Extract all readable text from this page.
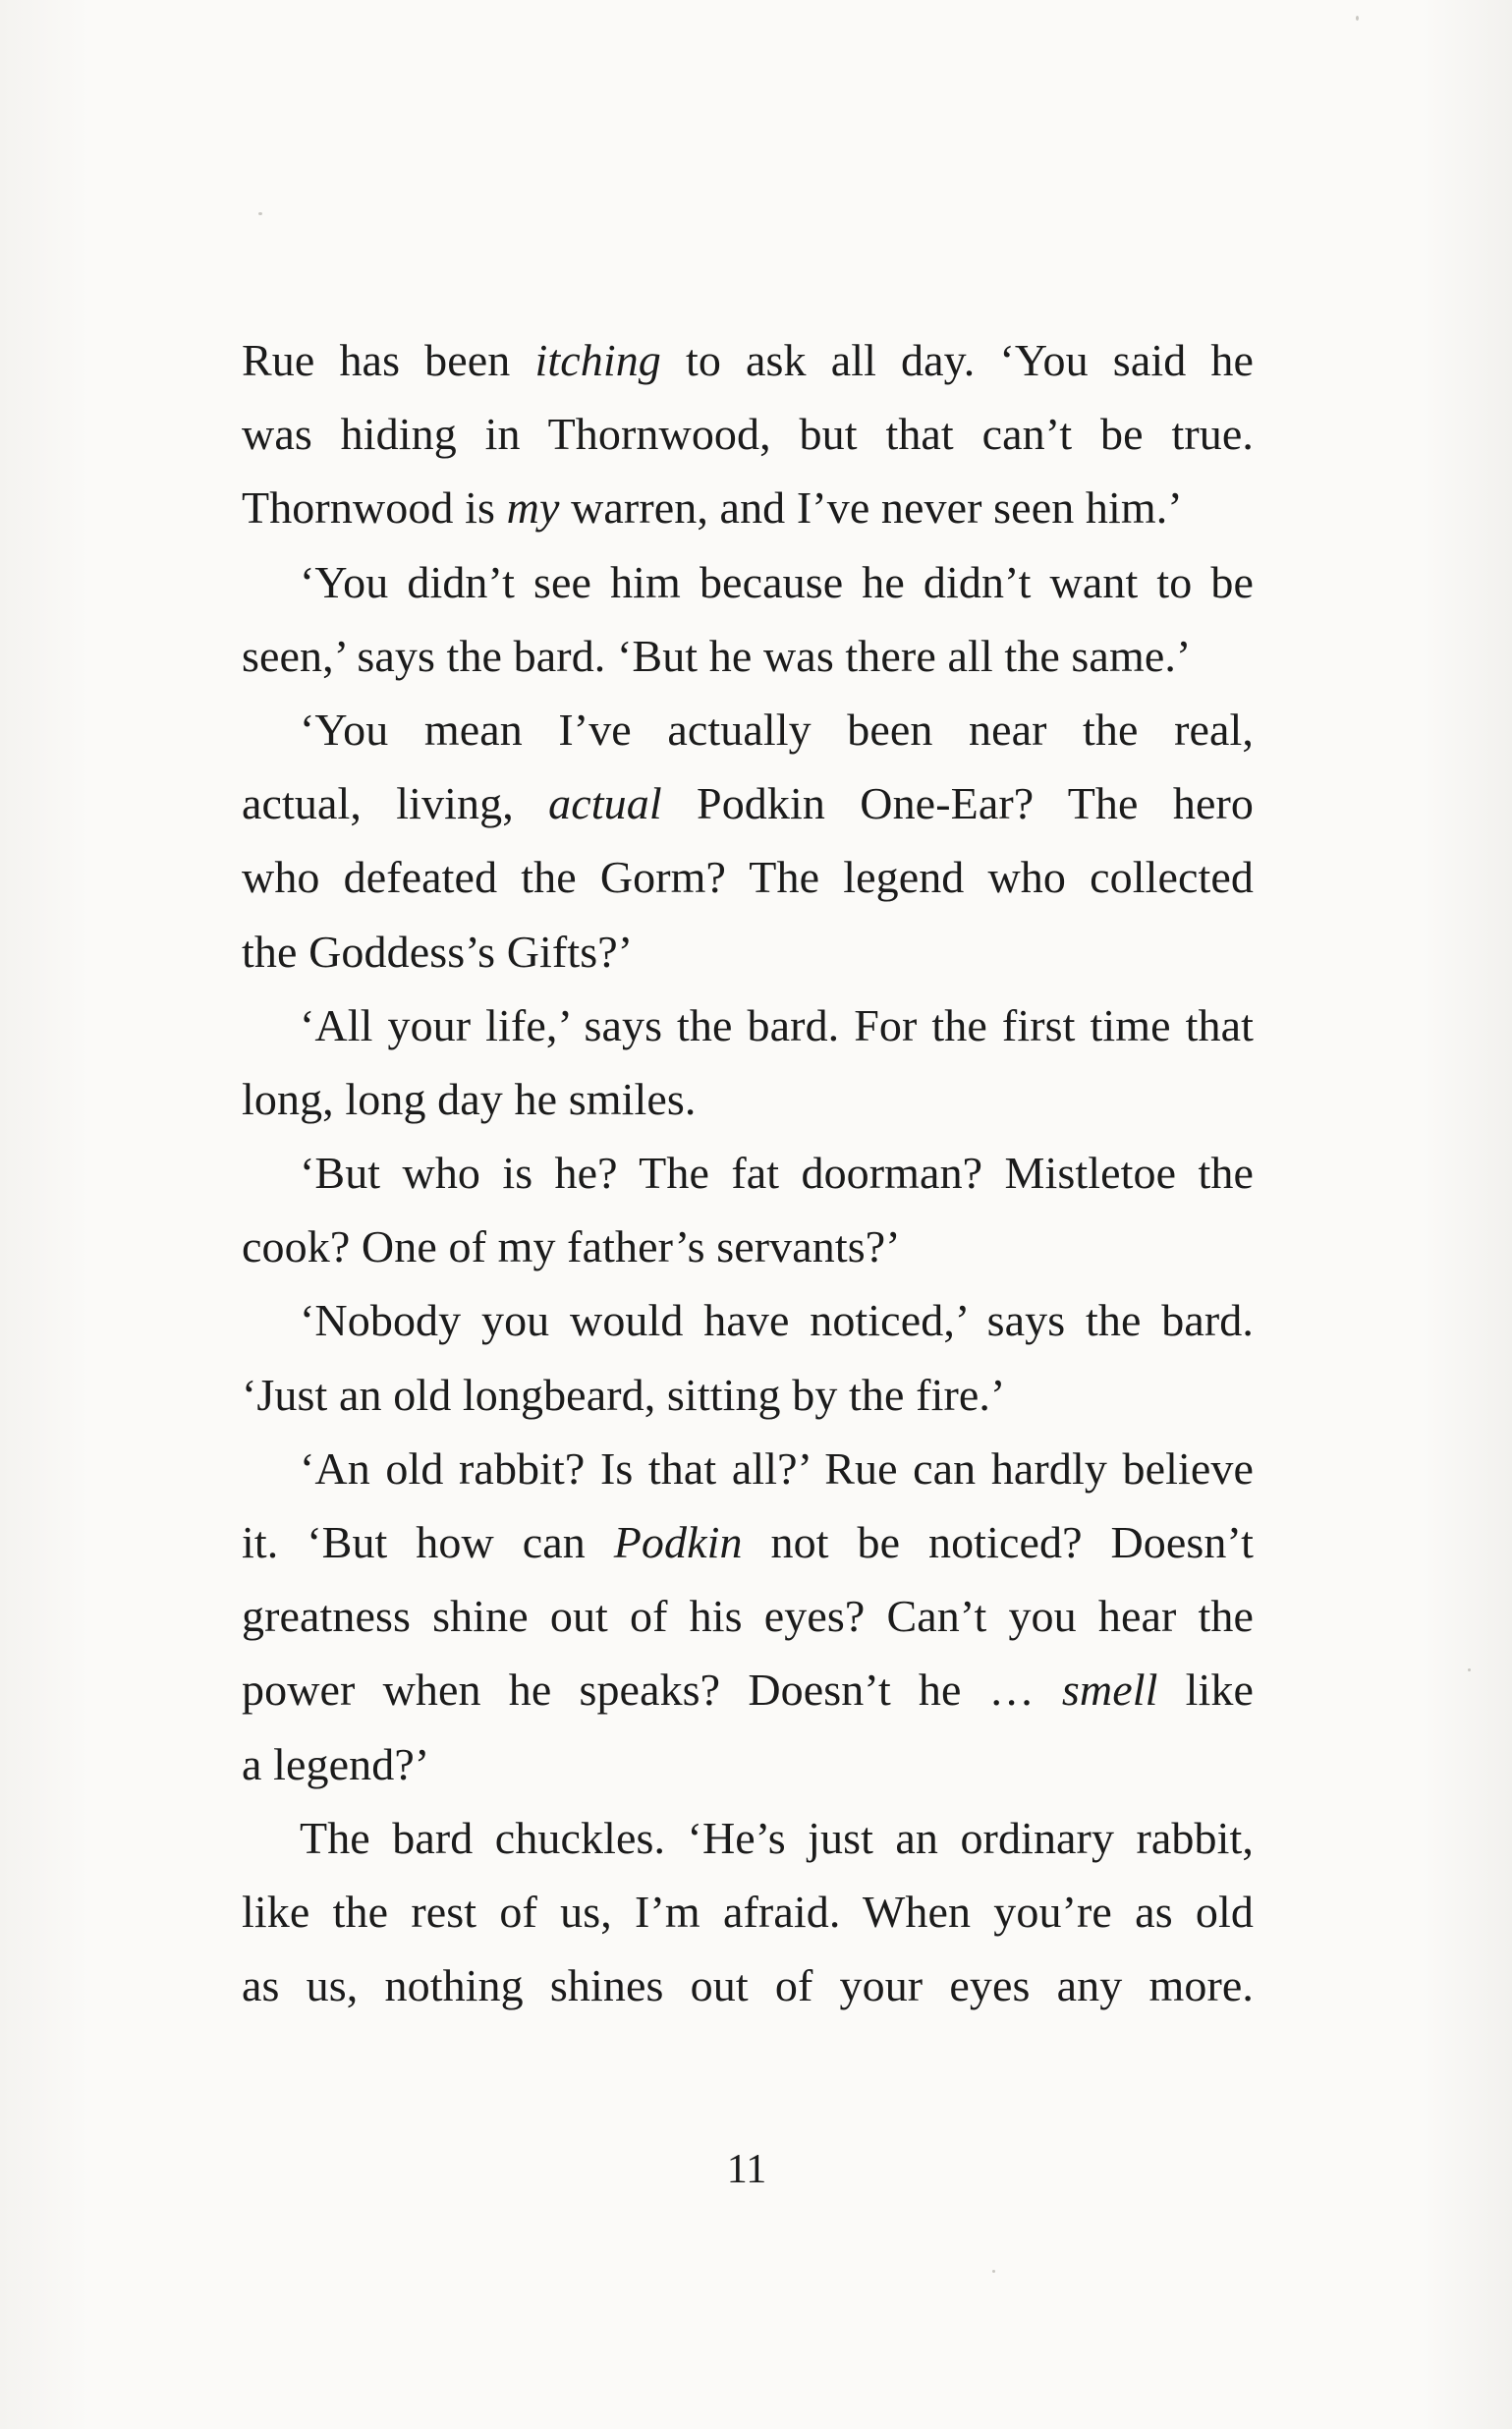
Rue has been itching to ask all day. ‘You said he
was hiding in Thornwood, but that can’t be true.
Thornwood is my warren, and I’ve never seen him.’
‘You didn’t see him because he didn’t want to be
seen,’ says the bard. ‘But he was there all the same.’
‘You mean I’ve actually been near the real,
actual, living, actual Podkin One-Ear? The hero
who defeated the Gorm? The legend who collected
the Goddess’s Gifts?’
‘All your life,’ says the bard. For the first time that
long, long day he smiles.
‘But who is he? The fat doorman? Mistletoe the
cook? One of my father’s servants?’
‘Nobody you would have noticed,’ says the bard.
‘Just an old longbeard, sitting by the fire.’
‘An old rabbit? Is that all?’ Rue can hardly believe
it. ‘But how can Podkin not be noticed? Doesn’t
greatness shine out of his eyes? Can’t you hear the
power when he speaks? Doesn’t he … smell like
a legend?’
The bard chuckles. ‘He’s just an ordinary rabbit,
like the rest of us, I’m afraid. When you’re as old
as us, nothing shines out of your eyes any more.
11
